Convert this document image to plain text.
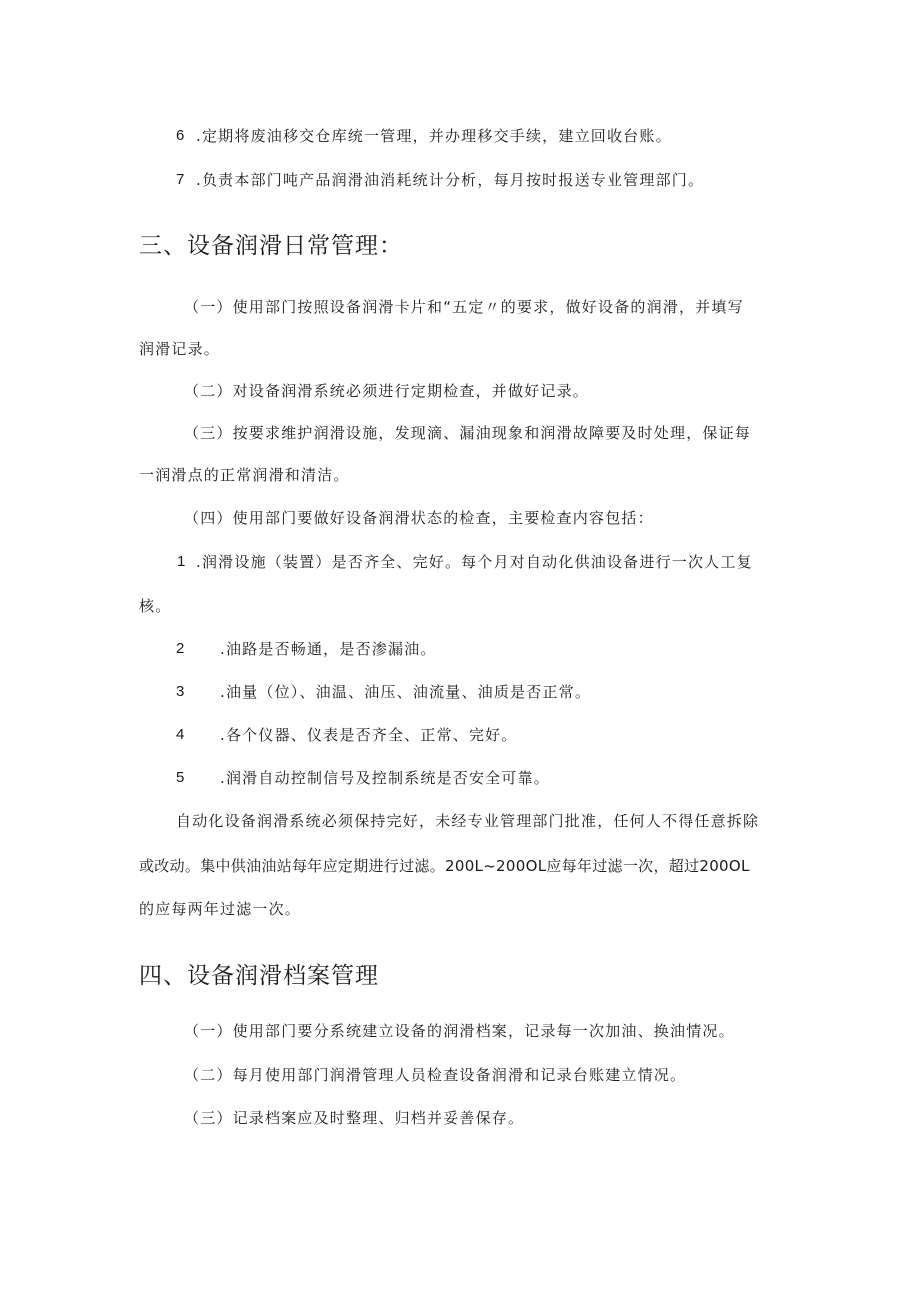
6 .定期将废油移交仓库统一管理，并办理移交手续，建立回收台账。

7 .负责本部门吨产品润滑油消耗统计分析，每月按时报送专业管理部门。

三、设备润滑日常管理：

（一）使用部门按照设备润滑卡片和“五定〃的要求，做好设备的润滑，并填写

润滑记录。

（二）对设备润滑系统必须进行定期检查，并做好记录。

（三）按要求维护润滑设施，发现滴、漏油现象和润滑故障要及时处理，保证每

一润滑点的正常润滑和清洁。

（四）使用部门要做好设备润滑状态的检查，主要检查内容包括：

1 .润滑设施（装置）是否齐全、完好。每个月对自动化供油设备进行一次人工复

核。

2 .油路是否畅通，是否渗漏油。

3 .油量（位）、油温、油压、油流量、油质是否正常。

4 .各个仪器、仪表是否齐全、正常、完好。

5 .润滑自动控制信号及控制系统是否安全可靠。

自动化设备润滑系统必须保持完好，未经专业管理部门批准，任何人不得任意拆除

或改动。集中供油油站每年应定期进行过滤。200L~200OL应每年过滤一次，超过200OL

的应每两年过滤一次。

四、设备润滑档案管理

（一）使用部门要分系统建立设备的润滑档案，记录每一次加油、换油情况。

（二）每月使用部门润滑管理人员检查设备润滑和记录台账建立情况。

（三）记录档案应及时整理、归档并妥善保存。
